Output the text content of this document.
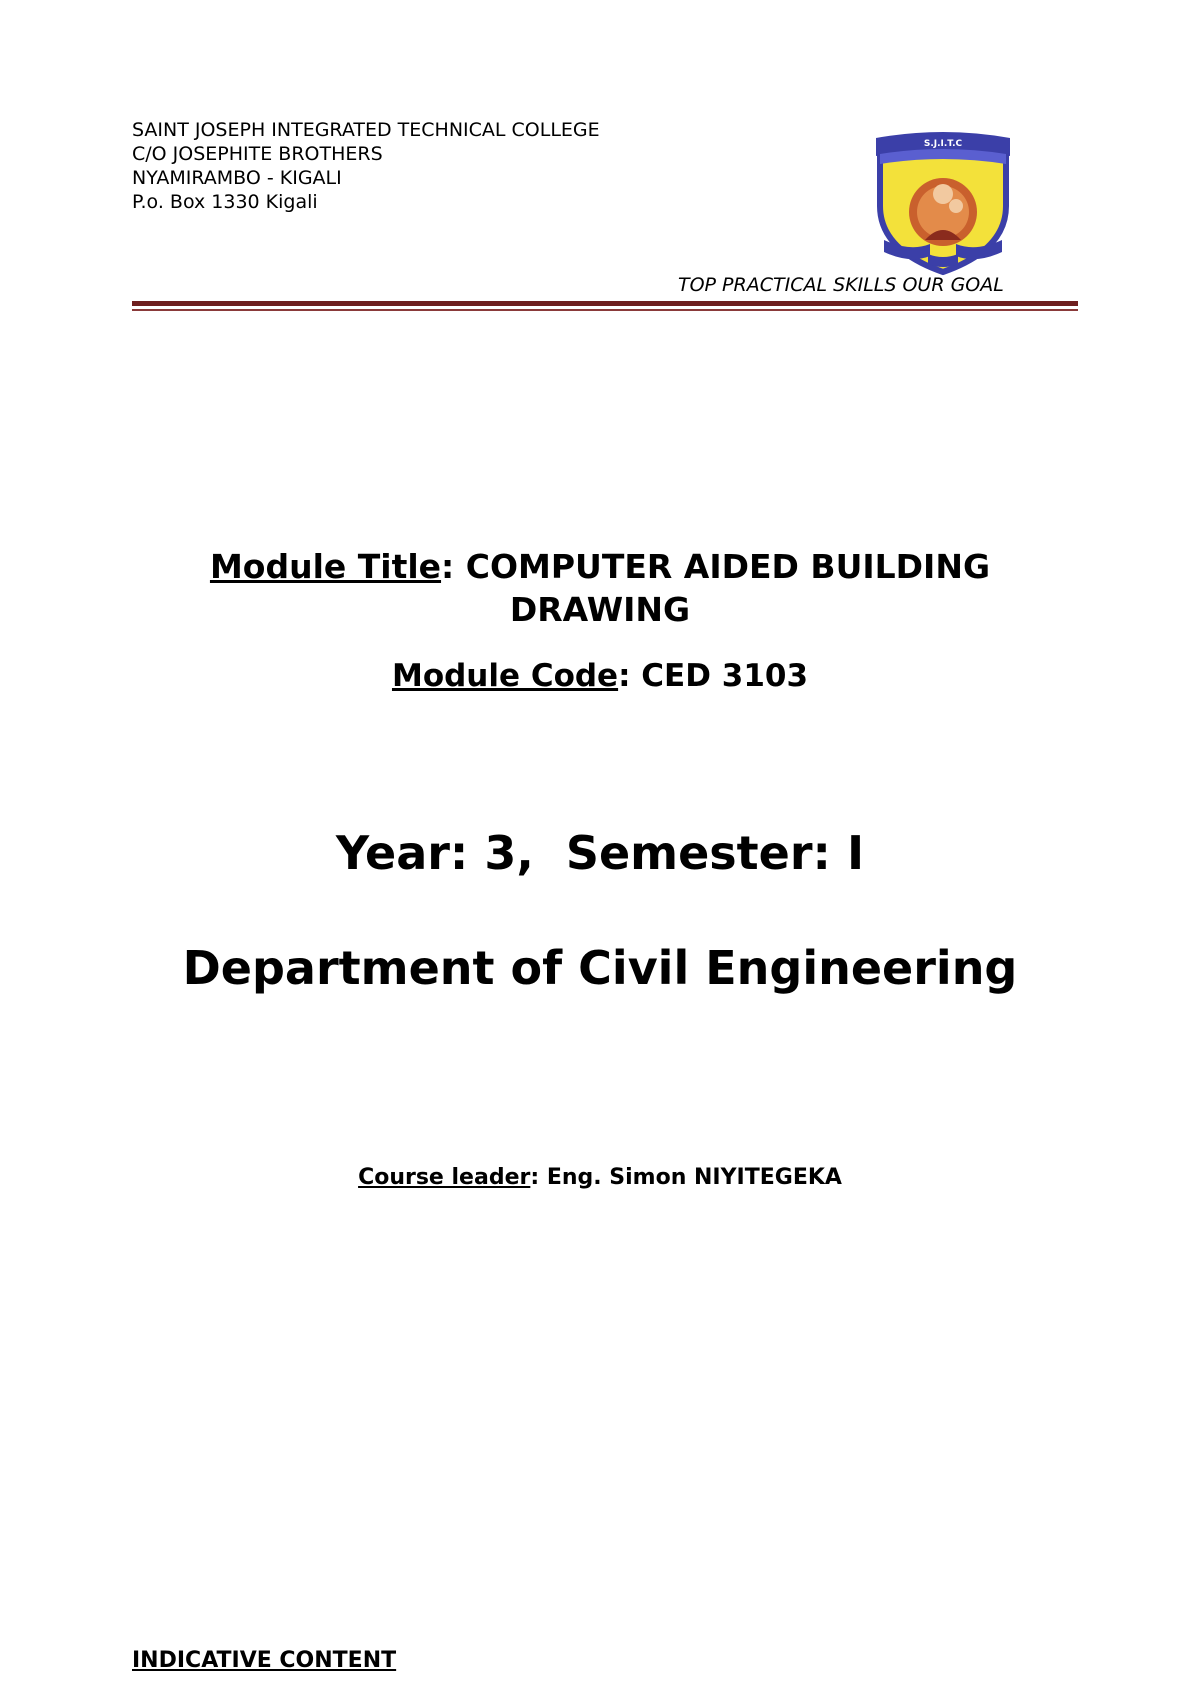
SAINT JOSEPH INTEGRATED TECHNICAL COLLEGE
C/O JOSEPHITE BROTHERS
NYAMIRAMBO - KIGALI
P.o. Box 1330 Kigali
S.J.I.T.C
TOP PRACTICAL SKILLS OUR GOAL
Module Title: COMPUTER AIDED BUILDING DRAWING
Module Code: CED 3103
Year: 3,  Semester: I
Department of Civil Engineering
Course leader: Eng. Simon NIYITEGEKA
INDICATIVE CONTENT
